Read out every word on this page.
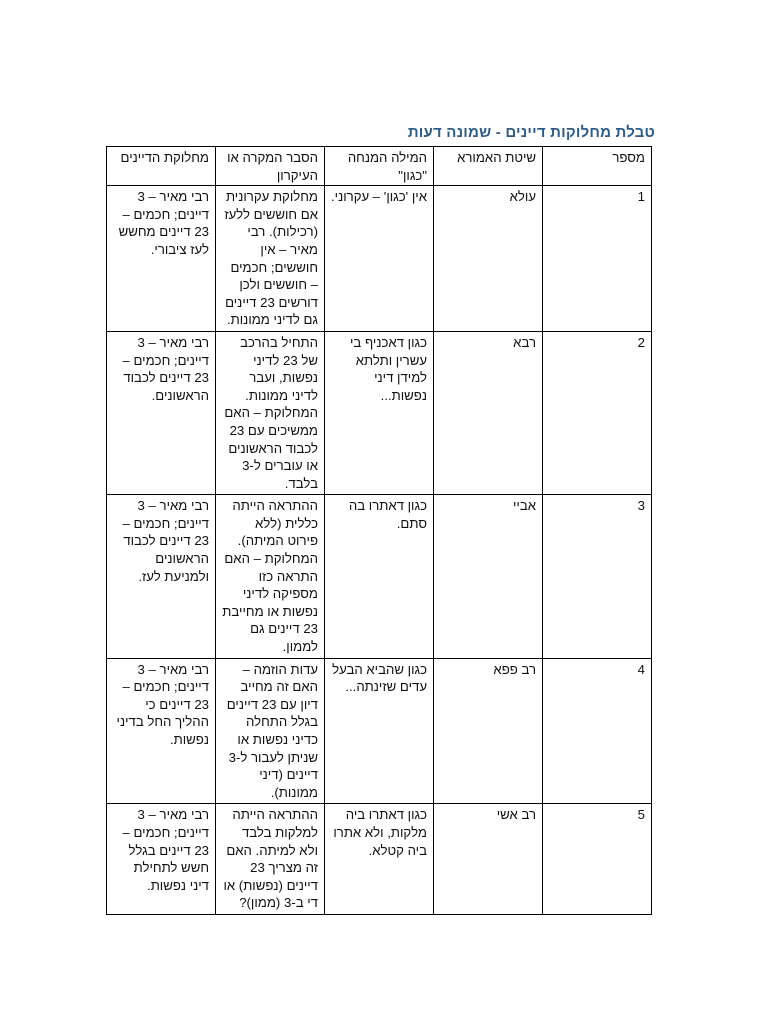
טבלת מחלוקות דיינים - שמונה דעות
מספר	שיטת האמורא	המילה המנחה "כגון"	הסבר המקרה או העיקרון	מחלוקת הדיינים
1	עולא	אין 'כגון' – עקרוני.	מחלוקת עקרונית אם חוששים ללעז (רכילות). רבי מאיר – אין חוששים; חכמים – חוששים ולכן דורשים 23 דיינים גם לדיני ממונות.	רבי מאיר – 3 דיינים; חכמים – 23 דיינים מחשש לעז ציבורי.
2	רבא	כגון דאכניף בי עשרין ותלתא למידן דיני נפשות...	התחיל בהרכב של 23 לדיני נפשות, ועבר לדיני ממונות. המחלוקת – האם ממשיכים עם 23 לכבוד הראשונים או עוברים ל-3 בלבד.	רבי מאיר – 3 דיינים; חכמים – 23 דיינים לכבוד הראשונים.
3	אביי	כגון דאתרו בה סתם.	ההתראה הייתה כללית (ללא פירוט המיתה). המחלוקת – האם התראה כזו מספיקה לדיני נפשות או מחייבת 23 דיינים גם לממון.	רבי מאיר – 3 דיינים; חכמים – 23 דיינים לכבוד הראשונים ולמניעת לעז.
4	רב פפא	כגון שהביא הבעל עדים שזינתה...	עדות הוזמה – האם זה מחייב דיון עם 23 דיינים בגלל התחלה כדיני נפשות או שניתן לעבור ל-3 דיינים (דיני ממונות).	רבי מאיר – 3 דיינים; חכמים – 23 דיינים כי ההליך החל בדיני נפשות.
5	רב אשי	כגון דאתרו ביה מלקות, ולא אתרו ביה קטלא.	ההתראה הייתה למלקות בלבד ולא למיתה. האם זה מצריך 23 דיינים (נפשות) או די ב-3 (ממון)?	רבי מאיר – 3 דיינים; חכמים – 23 דיינים בגלל חשש לתחילת דיני נפשות.
